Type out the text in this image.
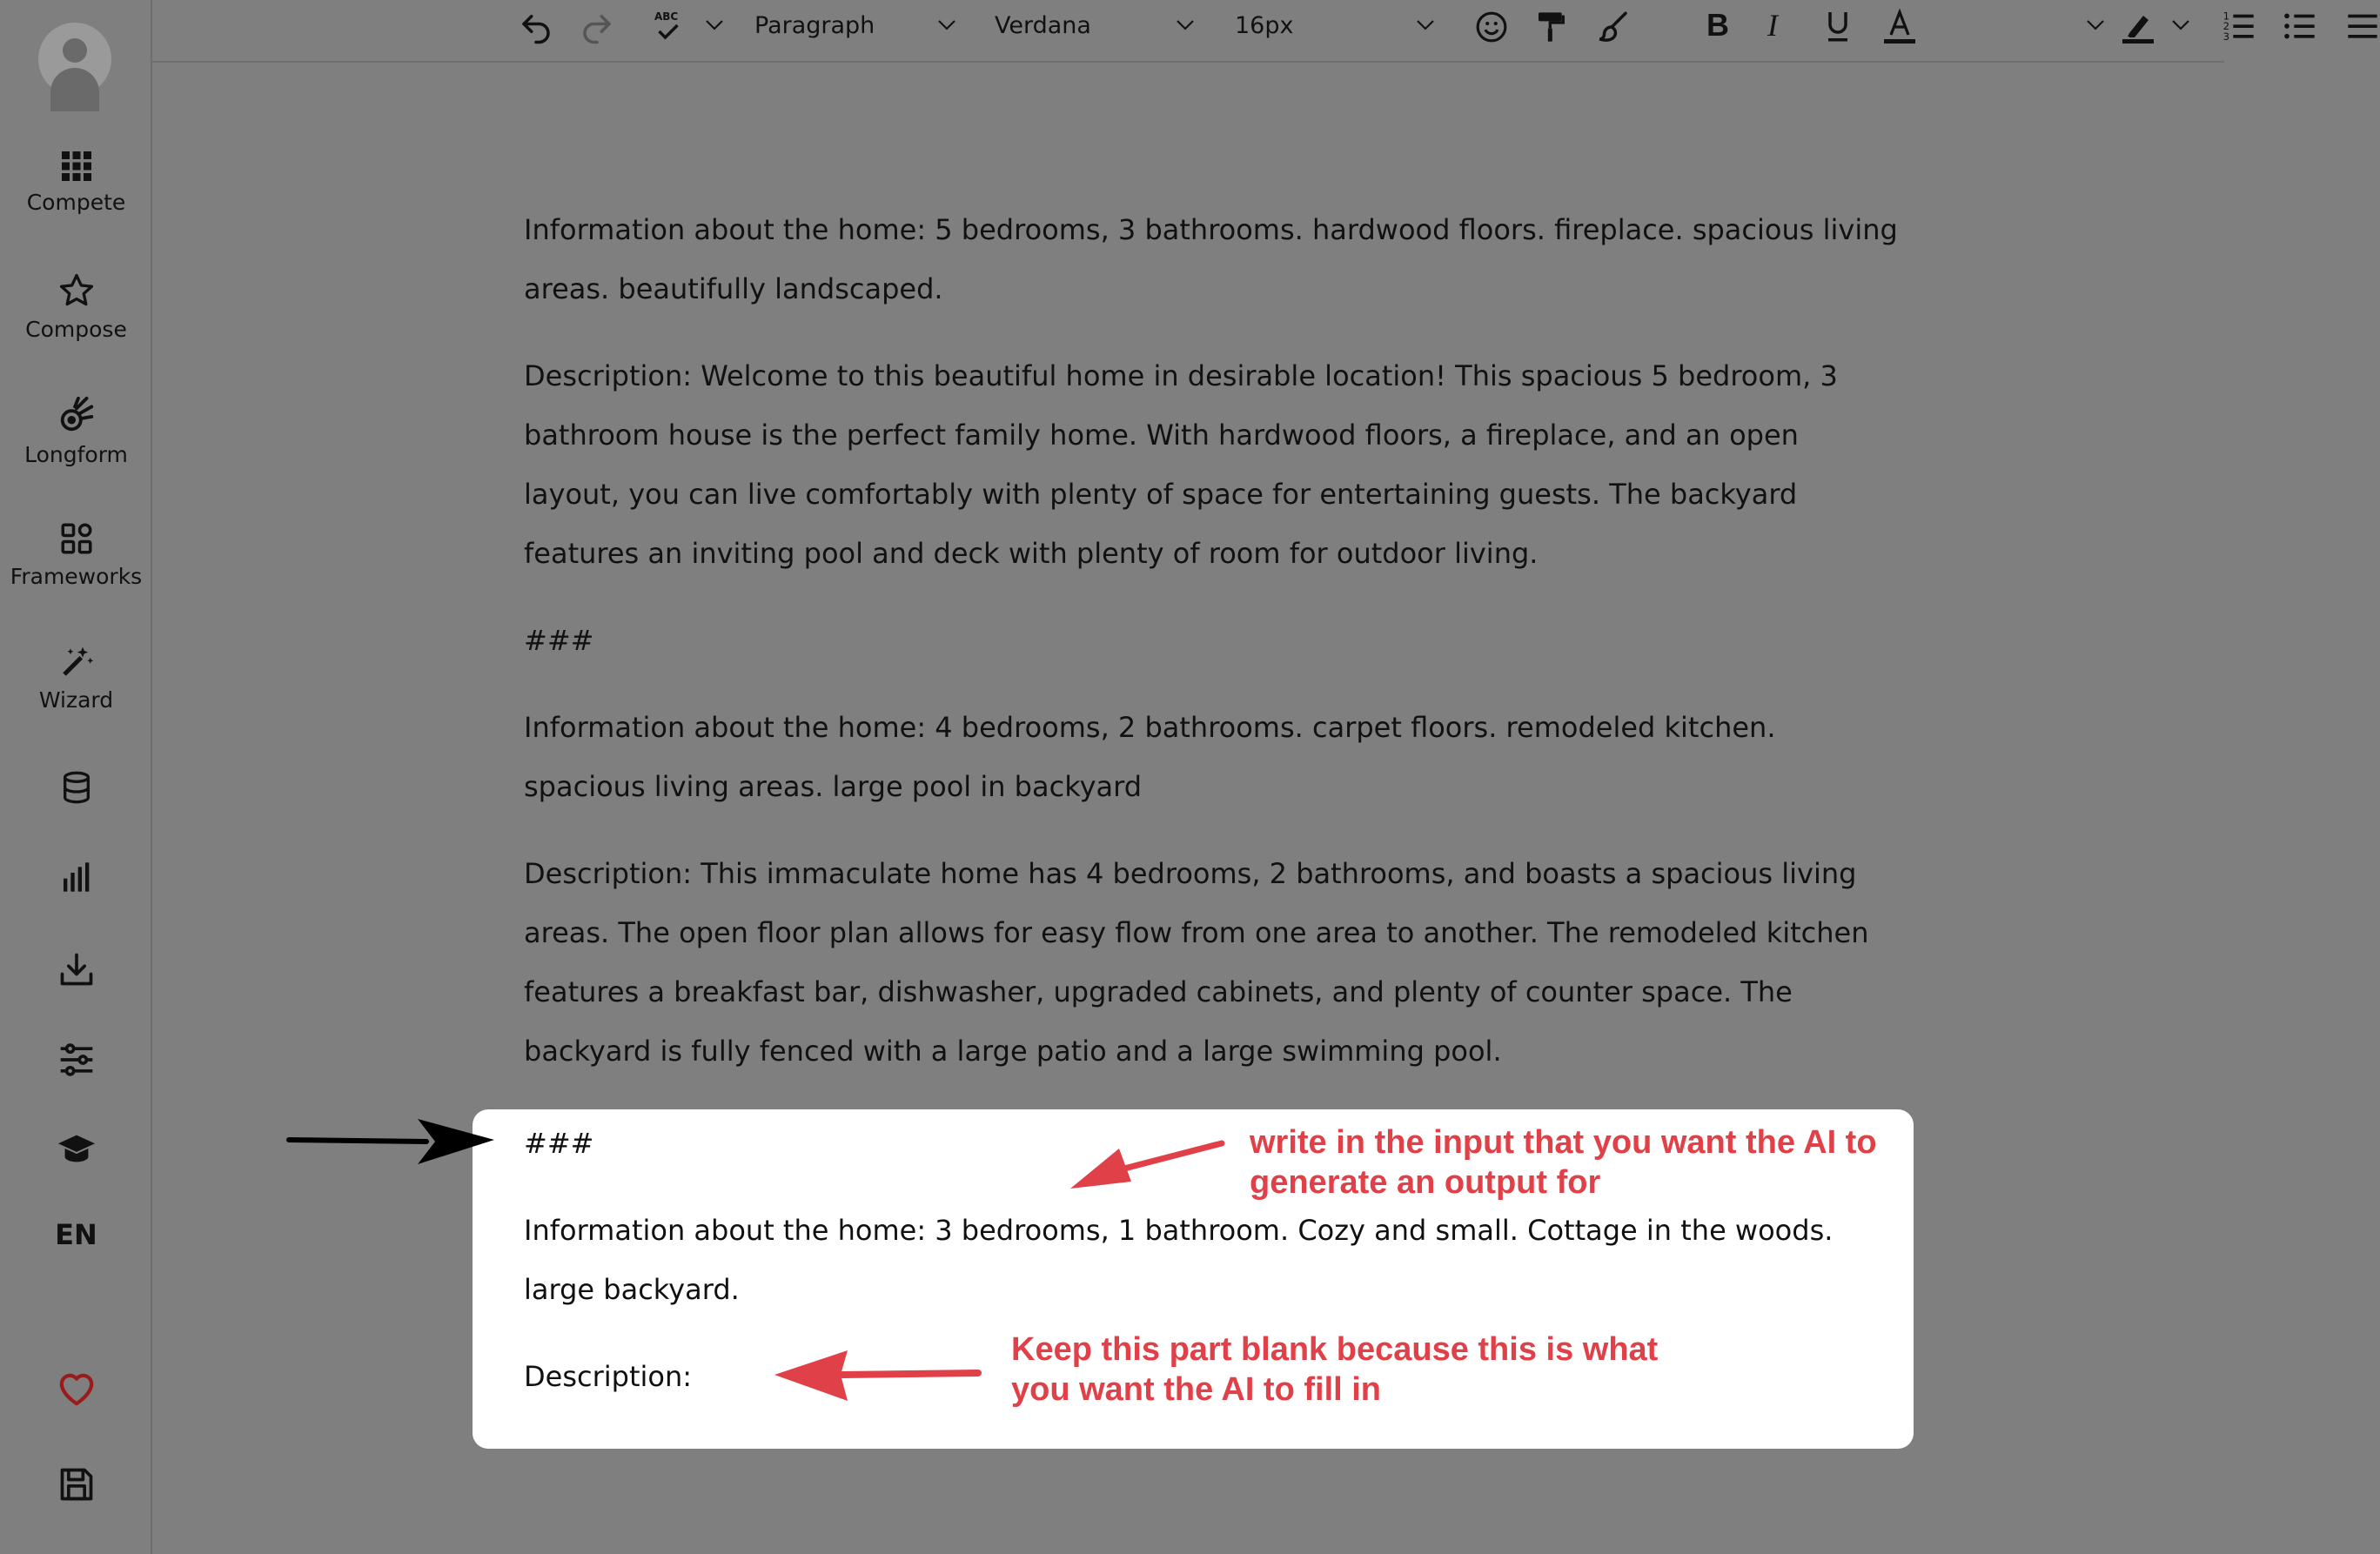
Compete
Compose
Longform
Frameworks
Wizard
EN
ABC	Paragraph	Verdana	16px	B I	1
2
3

Information about the home: 5 bedrooms, 3 bathrooms. hardwood floors. fireplace. spacious living areas. beautifully landscaped.

Description: Welcome to this beautiful home in desirable location! This spacious 5 bedroom, 3 bathroom house is the perfect family home. With hardwood floors, a fireplace, and an open layout, you can live comfortably with plenty of space for entertaining guests. The backyard features an inviting pool and deck with plenty of room for outdoor living.

###

Information about the home: 4 bedrooms, 2 bathrooms. carpet floors. remodeled kitchen. spacious living areas. large pool in backyard

Description: This immaculate home has 4 bedrooms, 2 bathrooms, and boasts a spacious living areas. The open floor plan allows for easy flow from one area to another. The remodeled kitchen features a breakfast bar, dishwasher, upgraded cabinets, and plenty of counter space. The backyard is fully fenced with a large patio and a large swimming pool.

###

Information about the home: 3 bedrooms, 1 bathroom. Cozy and small. Cottage in the woods. large backyard.

Description:

write in the input that you want the AI to generate an output for
Keep this part blank because this is what you want the AI to fill in
